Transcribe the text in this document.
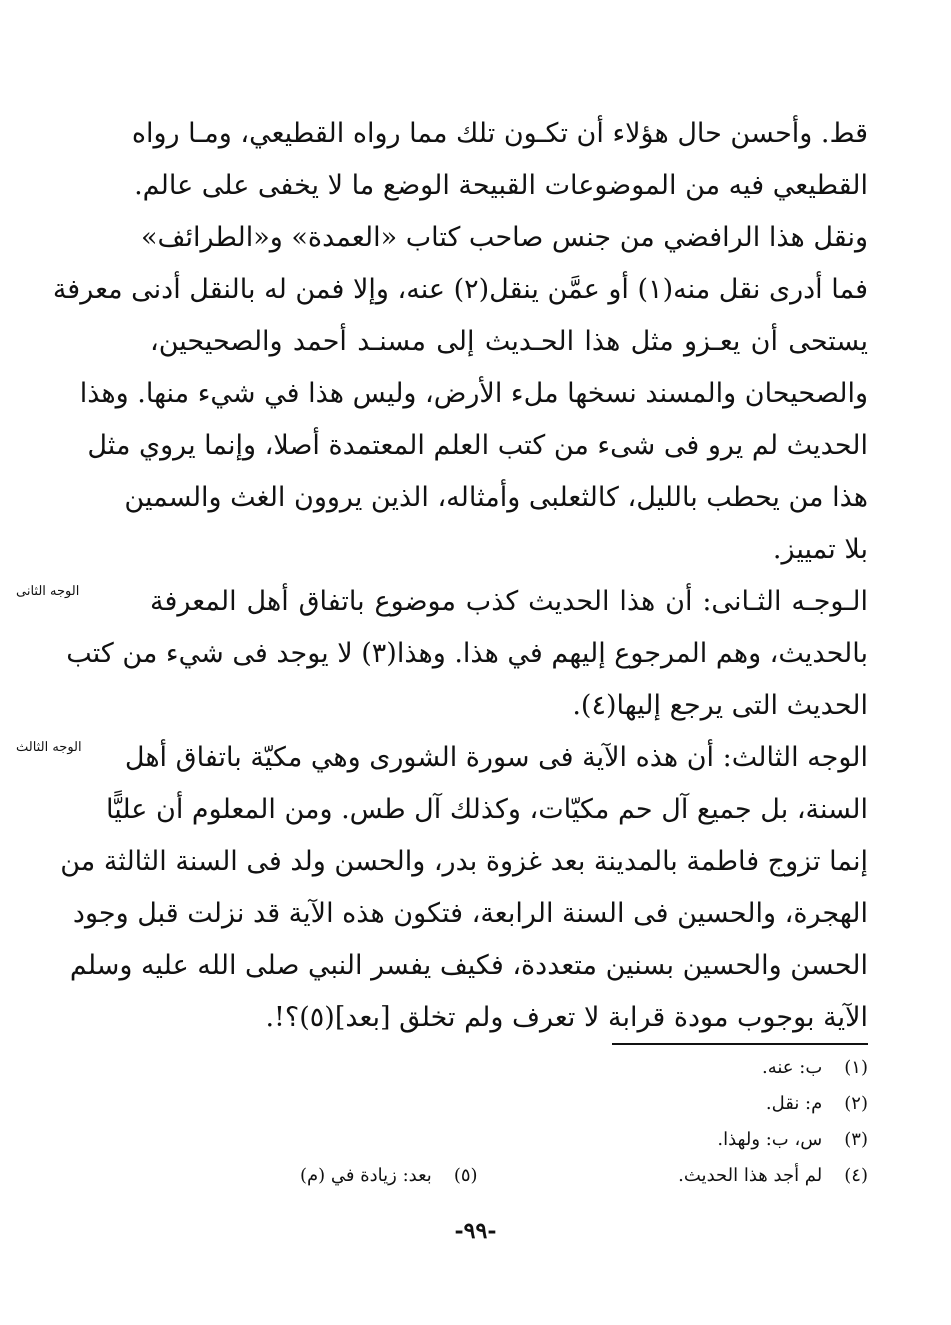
قط. وأحسن حال هؤلاء أن تكـون تلك مما رواه القطيعي، ومـا رواه
القطيعي فيه من الموضوعات القبيحة الوضع ما لا يخفى على عالم.
ونقل هذا الرافضي من جنس صاحب كتاب «العمدة» و«الطرائف»
فما أدرى نقل منه(١) أو عمَّن ينقل(٢) عنه، وإلا فمن له بالنقل أدنى معرفة
يستحى أن يعـزو مثل هذا الحـديث إلى مسنـد أحمد والصحيحين،
والصحيحان والمسند نسخها ملء الأرض، وليس هذا في شيء منها. وهذا
الحديث لم يرو فى شىء من كتب العلم المعتمدة أصلا، وإنما يروي مثل
هذا من يحطب بالليل، كالثعلبى وأمثاله، الذين يروون الغث والسمين
بلا تمييز.
الـوجـه الثـانى: أن هذا الحديث كذب موضوع باتفاق أهل المعرفة
بالحديث، وهم المرجوع إليهم في هذا. وهذا(٣) لا يوجد فى شيء من كتب
الحديث التى يرجع إليها(٤).
الوجه الثالث: أن هذه الآية فى سورة الشورى وهي مكيّة باتفاق أهل
السنة، بل جميع آل حم مكيّات، وكذلك آل طس. ومن المعلوم أن عليًّا
إنما تزوج فاطمة بالمدينة بعد غزوة بدر، والحسن ولد فى السنة الثالثة من
الهجرة، والحسين فى السنة الرابعة، فتكون هذه الآية قد نزلت قبل وجود
الحسن والحسين بسنين متعددة، فكيف يفسر النبي صلى الله عليه وسلم
الآية بوجوب مودة قرابة لا تعرف ولم تخلق [بعد](٥)؟!.
الوجه الثانى
الوجه الثالث
(١) ب: عنه.
(٢) م: نقل.
(٣) س، ب: ولهذا.
(٤) لم أجد هذا الحديث.
(٥) بعد: زيادة في (م)
-٩٩-
